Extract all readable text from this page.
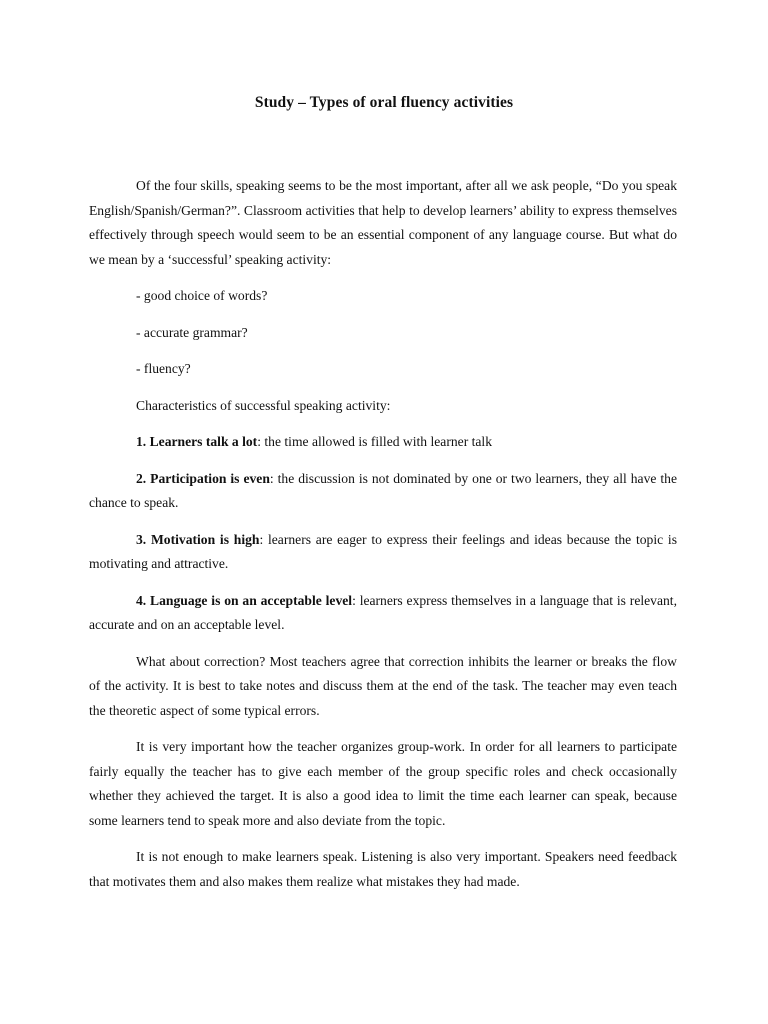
Study – Types of oral fluency activities

Of the four skills, speaking seems to be the most important, after all we ask people, “Do you speak English/Spanish/German?”. Classroom activities that help to develop learners’ ability to express themselves effectively through speech would seem to be an essential component of any language course. But what do we mean by a ‘successful’ speaking activity:

- good choice of words?

- accurate grammar?

- fluency?

Characteristics of successful speaking activity:

1. Learners talk a lot: the time allowed is filled with learner talk

2. Participation is even: the discussion is not dominated by one or two learners, they all have the chance to speak.

3. Motivation is high: learners are eager to express their feelings and ideas because the topic is motivating and attractive.

4. Language is on an acceptable level: learners express themselves in a language that is relevant, accurate and on an acceptable level.

What about correction? Most teachers agree that correction inhibits the learner or breaks the flow of the activity. It is best to take notes and discuss them at the end of the task. The teacher may even teach the theoretic aspect of some typical errors.

It is very important how the teacher organizes group-work. In order for all learners to participate fairly equally the teacher has to give each member of the group specific roles and check occasionally whether they achieved the target. It is also a good idea to limit the time each learner can speak, because some learners tend to speak more and also deviate from the topic.

It is not enough to make learners speak. Listening is also very important. Speakers need feedback that motivates them and also makes them realize what mistakes they had made.
